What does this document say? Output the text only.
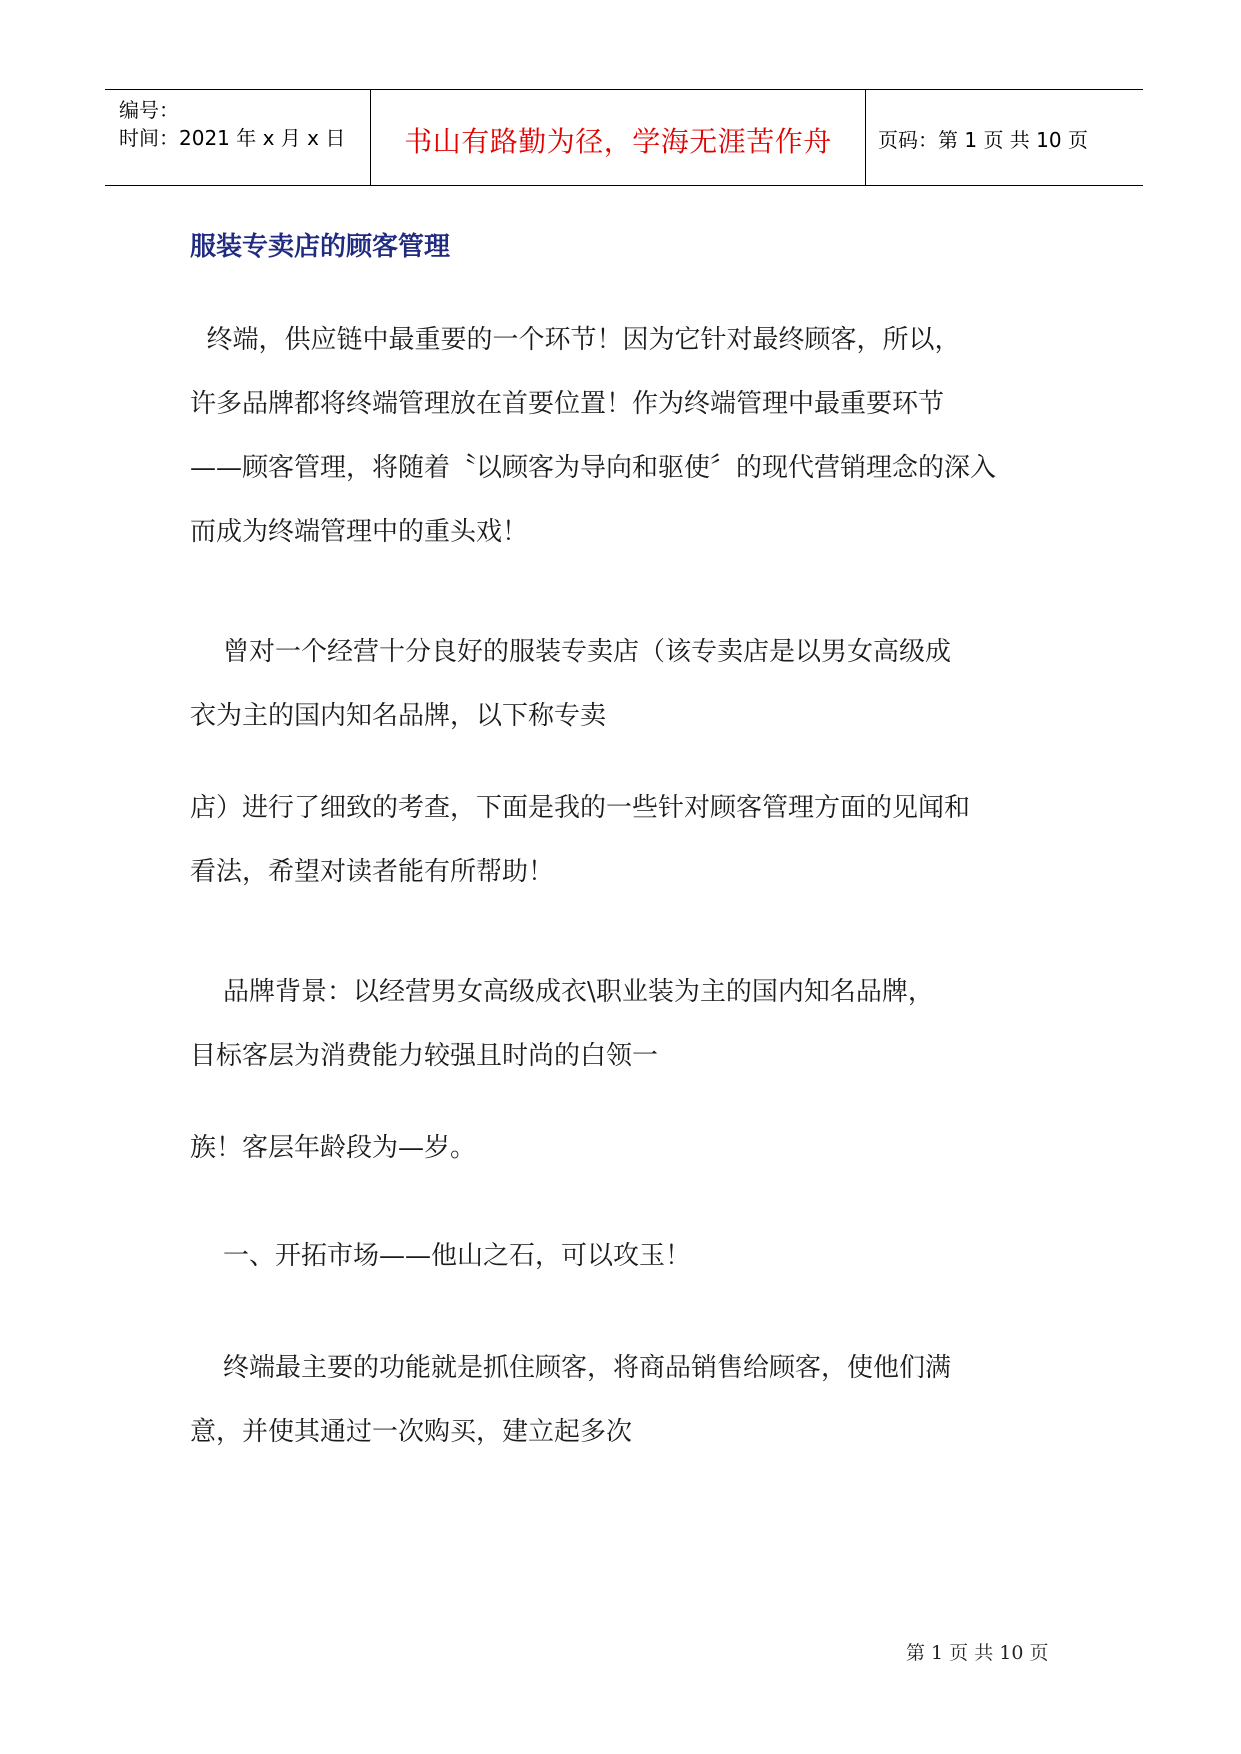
编号：
时间：2021 年 x 月 x 日	书山有路勤为径，学海无涯苦作舟	页码：第 1 页 共 10 页
服装专卖店的顾客管理
终端，供应链中最重要的一个环节！因为它针对最终顾客，所以，
许多品牌都将终端管理放在首要位置！作为终端管理中最重要环节
——顾客管理，将随着〝以顾客为导向和驱使〞的现代营销理念的深入
而成为终端管理中的重头戏！
曾对一个经营十分良好的服装专卖店（该专卖店是以男女高级成
衣为主的国内知名品牌，以下称专卖
店）进行了细致的考查，下面是我的一些针对顾客管理方面的见闻和
看法，希望对读者能有所帮助！
品牌背景：以经营男女高级成衣\职业装为主的国内知名品牌，
目标客层为消费能力较强且时尚的白领一
族！客层年龄段为—岁。
一、开拓市场——他山之石，可以攻玉！
终端最主要的功能就是抓住顾客，将商品销售给顾客，使他们满
意，并使其通过一次购买，建立起多次
第 1 页 共 10 页
